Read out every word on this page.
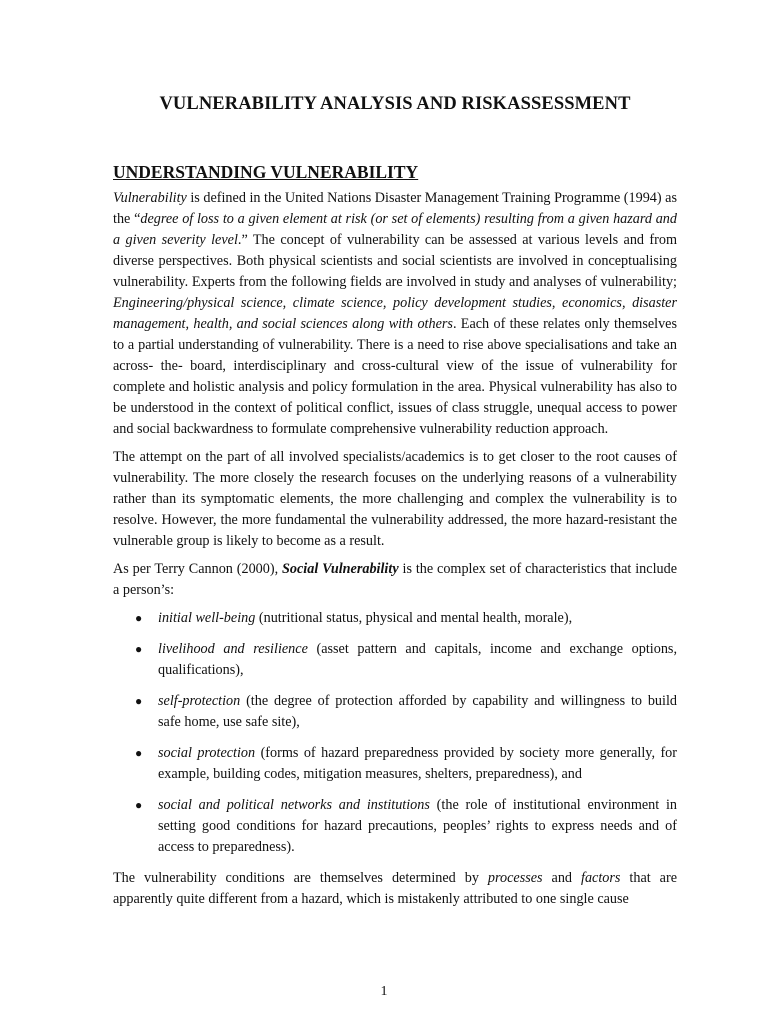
VULNERABILITY ANALYSIS AND RISKASSESSMENT
UNDERSTANDING VULNERABILITY

Vulnerability is defined in the United Nations Disaster Management Training Programme (1994) as the “degree of loss to a given element at risk (or set of elements) resulting from a given hazard and a given severity level.” The concept of vulnerability can be assessed at various levels and from diverse perspectives. Both physical scientists and social scientists are involved in conceptualising vulnerability. Experts from the following fields are involved in study and analyses of vulnerability; Engineering/physical science, climate science, policy development studies, economics, disaster management, health, and social sciences along with others. Each of these relates only themselves to a partial understanding of vulnerability. There is a need to rise above specialisations and take an across- the- board, interdisciplinary and cross-cultural view of the issue of vulnerability for complete and holistic analysis and policy formulation in the area. Physical vulnerability has also to be understood in the context of political conflict, issues of class struggle, unequal access to power and social backwardness to formulate comprehensive vulnerability reduction approach.

The attempt on the part of all involved specialists/academics is to get closer to the root causes of vulnerability. The more closely the research focuses on the underlying reasons of a vulnerability rather than its symptomatic elements, the more challenging and complex the vulnerability is to resolve. However, the more fundamental the vulnerability addressed, the more hazard-resistant the vulnerable group is likely to become as a result.

As per Terry Cannon (2000), Social Vulnerability is the complex set of characteristics that include a person’s:

● initial well-being (nutritional status, physical and mental health, morale),
● livelihood and resilience (asset pattern and capitals, income and exchange options, qualifications),
● self-protection (the degree of protection afforded by capability and willingness to build safe home, use safe site),
● social protection (forms of hazard preparedness provided by society more generally, for example, building codes, mitigation measures, shelters, preparedness), and
● social and political networks and institutions (the role of institutional environment in setting good conditions for hazard precautions, peoples’ rights to express needs and of access to preparedness).

The vulnerability conditions are themselves determined by processes and factors that are apparently quite different from a hazard, which is mistakenly attributed to one single cause

1
